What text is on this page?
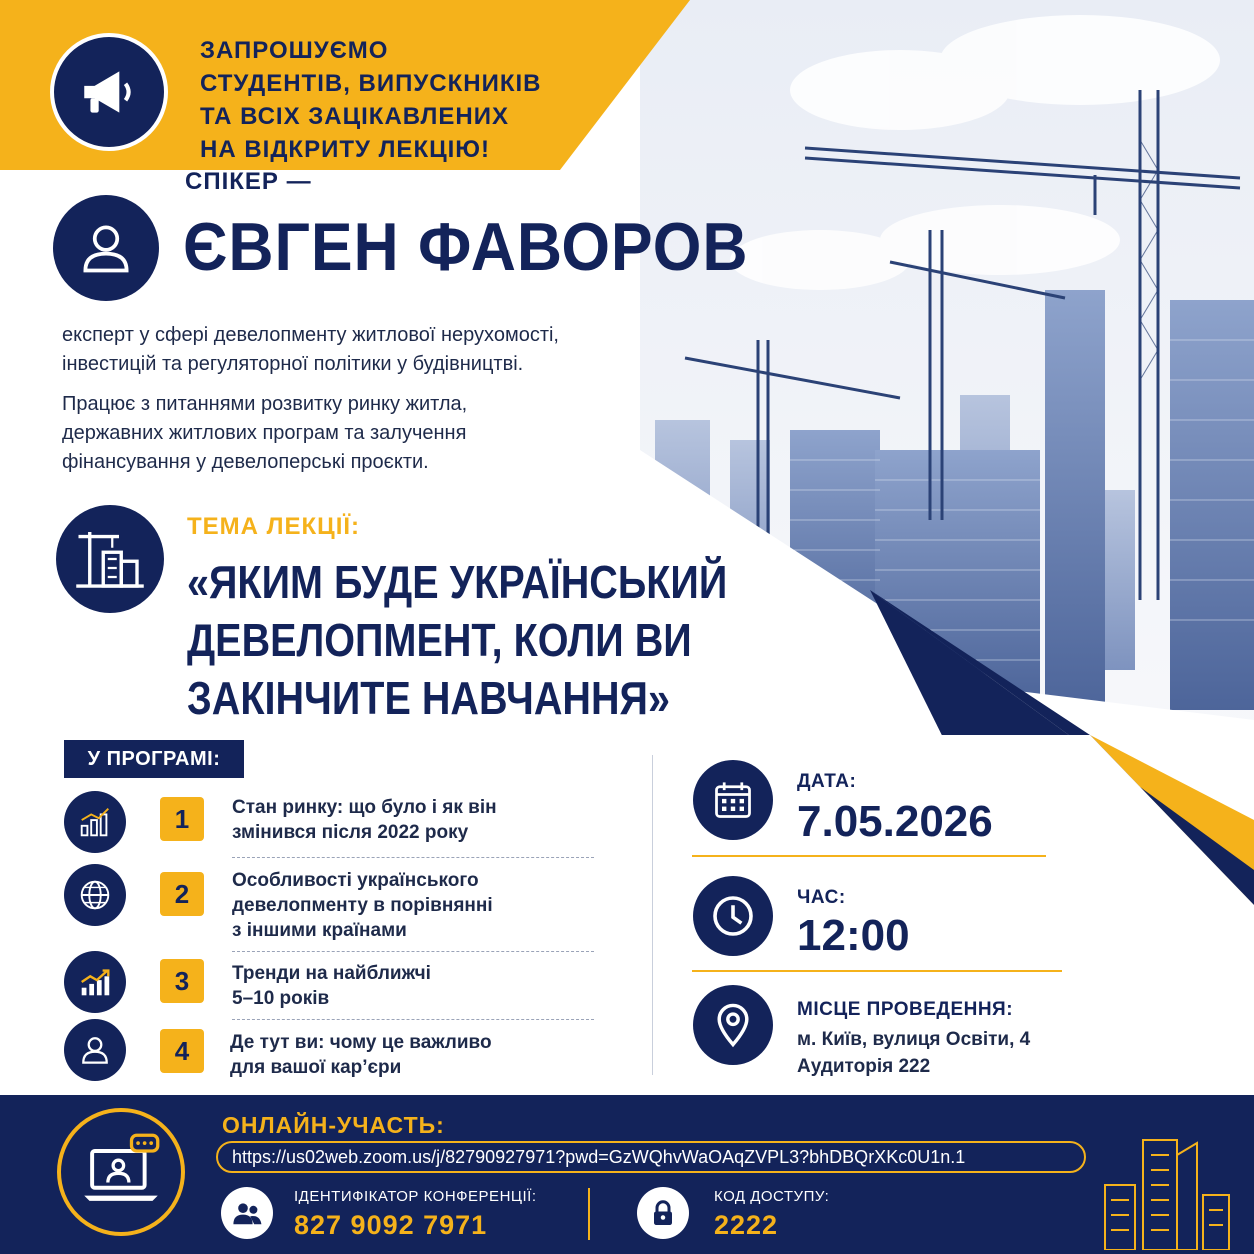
ЗАПРОШУЄМО
СТУДЕНТІВ, ВИПУСКНИКІВ
ТА ВСІХ ЗАЦІКАВЛЕНИХ
НА ВІДКРИТУ ЛЕКЦІЮ!
СПІКЕР —
ЄВГЕН ФАВОРОВ
експерт у сфері девелопменту житлової нерухомості,
інвестицій та регуляторної політики у будівництві.
Працює з питаннями розвитку ринку житла,
державних житлових програм та залучення
фінансування у девелоперські проєкти.
ТЕМА ЛЕКЦІЇ:
«ЯКИМ БУДЕ УКРАЇНСЬКИЙ
ДЕВЕЛОПМЕНТ, КОЛИ ВИ
ЗАКІНЧИТЕ НАВЧАННЯ»
У ПРОГРАМІ:
1	Стан ринку: що було і як він
змінився після 2022 року
2	Особливості українського
девелопменту в порівнянні
з іншими країнами
3	Тренди на найближчі
5–10 років
4	Де тут ви: чому це важливо
для вашої кар’єри
ДАТА:
7.05.2026
ЧАС:
12:00
МІСЦЕ ПРОВЕДЕННЯ:
м. Київ, вулиця Освіти, 4
Аудиторія 222
ОНЛАЙН-УЧАСТЬ:
https://us02web.zoom.us/j/82790927971?pwd=GzWQhvWaOAqZVPL3?bhDBQrXKc0U1n.1
ІДЕНТИФІКАТОР КОНФЕРЕНЦІЇ:
827 9092 7971
КОД ДОСТУПУ:
2222
